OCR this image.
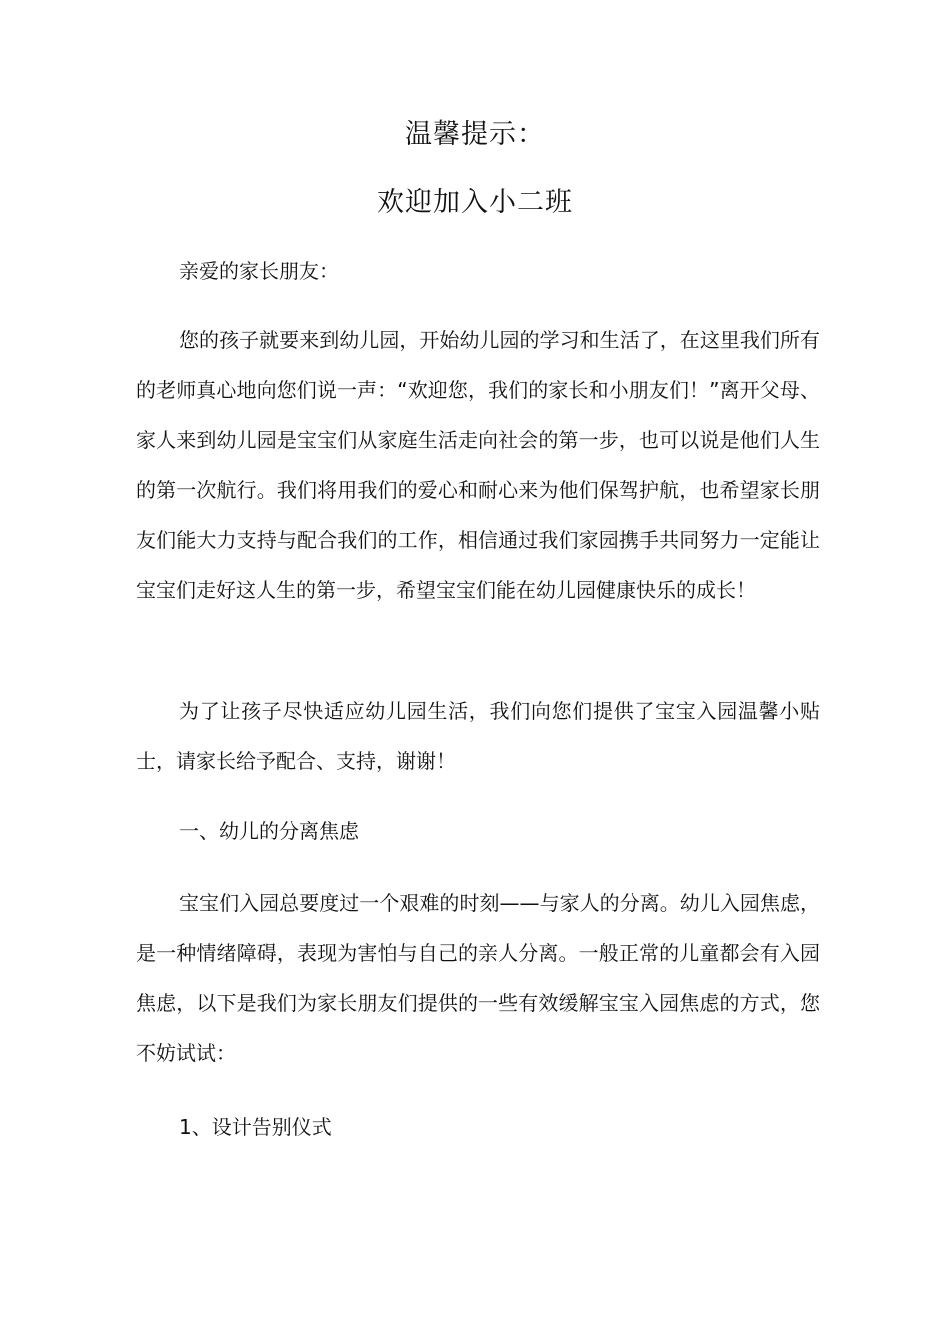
温馨提示：
欢迎加入小二班

亲爱的家长朋友：

您的孩子就要来到幼儿园，开始幼儿园的学习和生活了，在这里我们所有的老师真心地向您们说一声：“欢迎您，我们的家长和小朋友们！”离开父母、家人来到幼儿园是宝宝们从家庭生活走向社会的第一步，也可以说是他们人生的第一次航行。我们将用我们的爱心和耐心来为他们保驾护航，也希望家长朋友们能大力支持与配合我们的工作，相信通过我们家园携手共同努力一定能让宝宝们走好这人生的第一步，希望宝宝们能在幼儿园健康快乐的成长！

为了让孩子尽快适应幼儿园生活，我们向您们提供了宝宝入园温馨小贴士，请家长给予配合、支持，谢谢！

一、幼儿的分离焦虑

宝宝们入园总要度过一个艰难的时刻——与家人的分离。幼儿入园焦虑，是一种情绪障碍，表现为害怕与自己的亲人分离。一般正常的儿童都会有入园焦虑，以下是我们为家长朋友们提供的一些有效缓解宝宝入园焦虑的方式，您不妨试试：

1、设计告别仪式
